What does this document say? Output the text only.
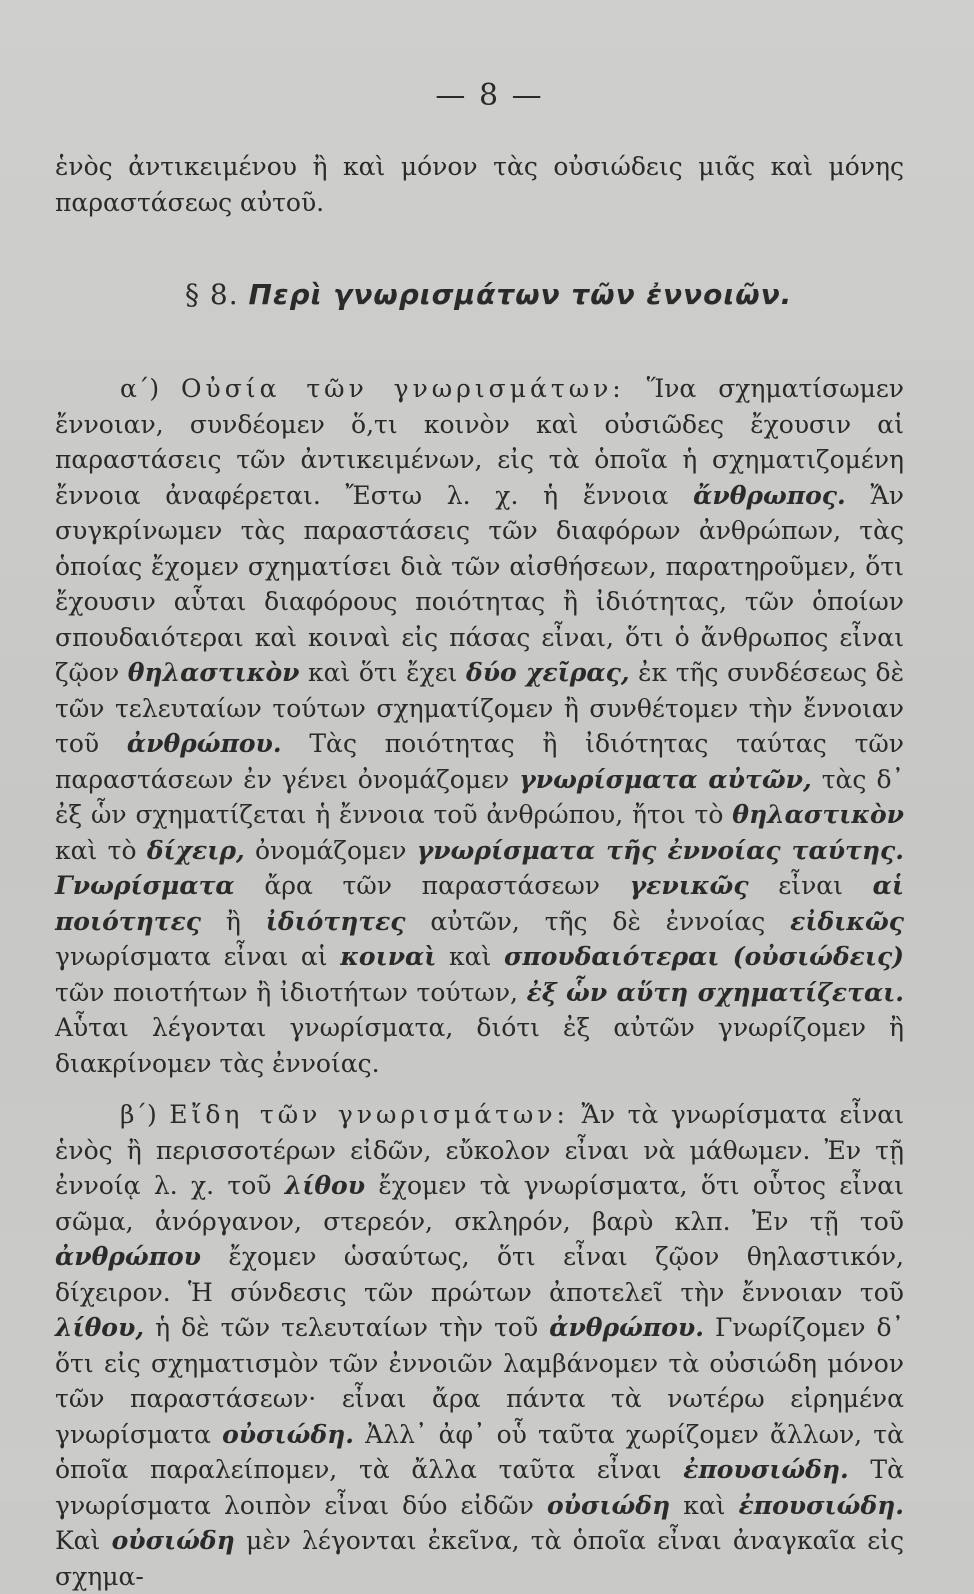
— 8 —

ἑνὸς ἀντικειμένου ἢ καὶ μόνον τὰς οὐσιώδεις μιᾶς καὶ μόνης παραστάσεως αὐτοῦ.

§ 8. Περὶ γνωρισμάτων τῶν ἐννοιῶν.

α΄) Οὐσία τῶν γνωρισμάτων: Ἵνα σχηματίσωμεν ἔννοιαν, συνδέομεν ὅ,τι κοινὸν καὶ οὐσιῶδες ἔχουσιν αἱ παραστάσεις τῶν ἀντικειμένων, εἰς τὰ ὁποῖα ἡ σχηματιζομένη ἔννοια ἀναφέρεται. Ἔστω λ. χ. ἡ ἔννοια ἄνθρωπος. Ἄν συγκρίνωμεν τὰς παραστάσεις τῶν διαφόρων ἀνθρώπων, τὰς ὁποίας ἔχομεν σχηματίσει διὰ τῶν αἰσθήσεων, παρατηροῦμεν, ὅτι ἔχουσιν αὗται διαφόρους ποιότητας ἢ ἰδιότητας, τῶν ὁποίων σπουδαιότεραι καὶ κοιναὶ εἰς πάσας εἶναι, ὅτι ὁ ἄνθρωπος εἶναι ζῷον θηλαστικὸν καὶ ὅτι ἔχει δύο χεῖρας, ἐκ τῆς συνδέσεως δὲ τῶν τελευταίων τούτων σχηματίζομεν ἢ συνθέτομεν τὴν ἔννοιαν τοῦ ἀνθρώπου. Τὰς ποιότητας ἢ ἰδιότητας ταύτας τῶν παραστάσεων ἐν γένει ὀνομάζομεν γνωρίσματα αὐτῶν, τὰς δ᾽ ἐξ ὧν σχηματίζεται ἡ ἔννοια τοῦ ἀνθρώπου, ἤτοι τὸ θηλαστικὸν καὶ τὸ δίχειρ, ὀνομάζομεν γνωρίσματα τῆς ἐννοίας ταύτης. Γνωρίσματα ἄρα τῶν παραστάσεων γενικῶς εἶναι αἱ ποιότητες ἢ ἰδιότητες αὐτῶν, τῆς δὲ ἐννοίας εἰδικῶς γνωρίσματα εἶναι αἱ κοιναὶ καὶ σπουδαιότεραι (οὐσιώδεις) τῶν ποιοτήτων ἢ ἰδιοτήτων τούτων, ἐξ ὧν αὕτη σχηματίζεται. Αὗται λέγονται γνωρίσματα, διότι ἐξ αὐτῶν γνωρίζομεν ἢ διακρίνομεν τὰς ἐννοίας.

β΄) Εἴδη τῶν γνωρισμάτων: Ἄν τὰ γνωρίσματα εἶναι ἑνὸς ἢ περισσοτέρων εἰδῶν, εὔκολον εἶναι νὰ μάθωμεν. Ἐν τῇ ἐννοίᾳ λ. χ. τοῦ λίθου ἔχομεν τὰ γνωρίσματα, ὅτι οὗτος εἶναι σῶμα, ἀνόργανον, στερεόν, σκληρόν, βαρὺ κλπ. Ἐν τῇ τοῦ ἀνθρώπου ἔχομεν ὡσαύτως, ὅτι εἶναι ζῷον θηλαστικόν, δίχειρον. Ἡ σύνδεσις τῶν πρώτων ἀποτελεῖ τὴν ἔννοιαν τοῦ λίθου, ἡ δὲ τῶν τελευταίων τὴν τοῦ ἀνθρώπου. Γνωρίζομεν δ᾽ ὅτι εἰς σχηματισμὸν τῶν ἐννοιῶν λαμβάνομεν τὰ οὐσιώδη μόνον τῶν παραστάσεων· εἶναι ἄρα πάντα τὰ νωτέρω εἰρημένα γνωρίσματα οὐσιώδη. Ἀλλ᾽ ἀφ᾽ οὗ ταῦτα χωρίζομεν ἄλλων, τὰ ὁποῖα παραλείπομεν, τὰ ἄλλα ταῦτα εἶναι ἐπουσιώδη. Τὰ γνωρίσματα λοιπὸν εἶναι δύο εἰδῶν οὐσιώδη καὶ ἐπουσιώδη. Καὶ οὐσιώδη μὲν λέγονται ἐκεῖνα, τὰ ὁποῖα εἶναι ἀναγκαῖα εἰς σχημα-
